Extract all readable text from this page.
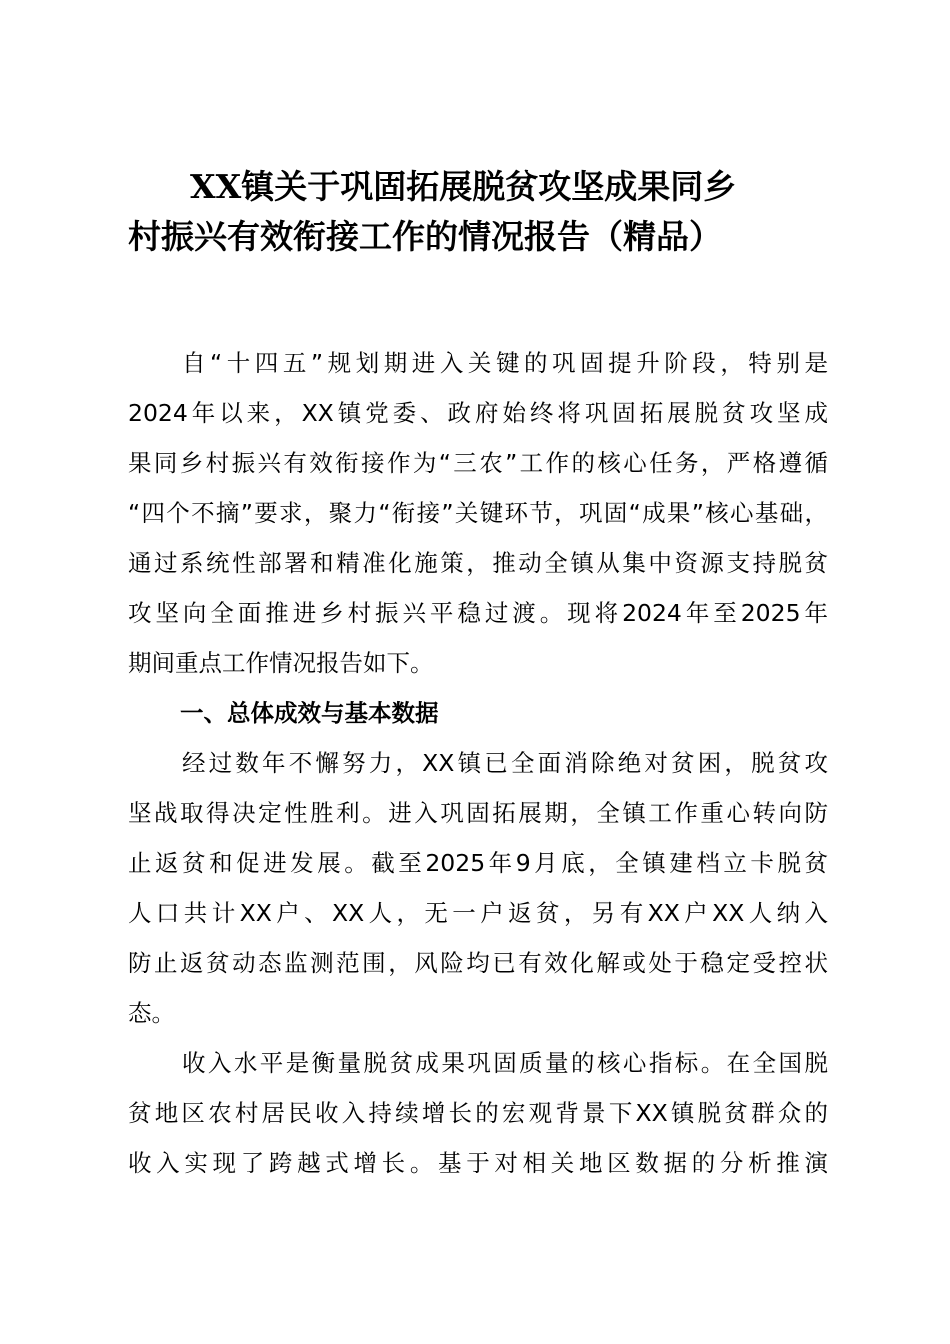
XX镇关于巩固拓展脱贫攻坚成果同乡
村振兴有效衔接工作的情况报告（精品）
自“十四五”规划期进入关键的巩固提升阶段，特别是
2024年以来，XX镇党委、政府始终将巩固拓展脱贫攻坚成
果同乡村振兴有效衔接作为“三农”工作的核心任务，严格遵循
“四个不摘”要求，聚力“衔接”关键环节，巩固“成果”核心基础，
通过系统性部署和精准化施策，推动全镇从集中资源支持脱贫
攻坚向全面推进乡村振兴平稳过渡。现将2024年至2025年
期间重点工作情况报告如下。
一、总体成效与基本数据
经过数年不懈努力，XX镇已全面消除绝对贫困，脱贫攻
坚战取得决定性胜利。进入巩固拓展期，全镇工作重心转向防
止返贫和促进发展。截至2025年9月底，全镇建档立卡脱贫
人口共计XX户、XX人，无一户返贫，另有XX户XX人纳入
防止返贫动态监测范围，风险均已有效化解或处于稳定受控状
态。
收入水平是衡量脱贫成果巩固质量的核心指标。在全国脱
贫地区农村居民收入持续增长的宏观背景下XX镇脱贫群众的
收入实现了跨越式增长。基于对相关地区数据的分析推演
